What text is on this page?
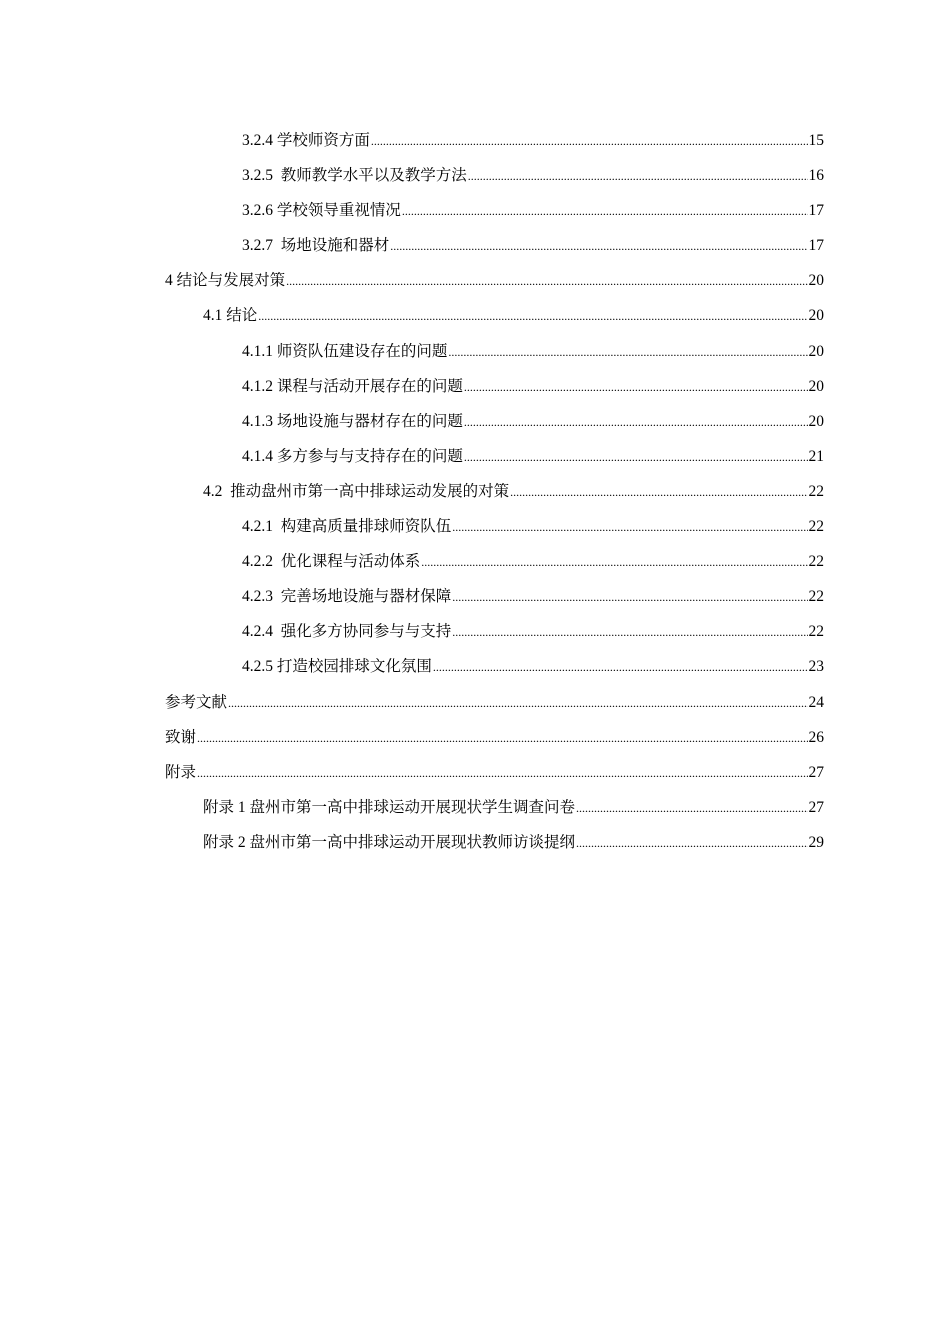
3.2.4 学校师资方面 .....	15
3.2.5  教师教学水平以及教学方法 .....	16
3.2.6 学校领导重视情况 .....	17
3.2.7  场地设施和器材 .....	17
4 结论与发展对策 .....	20
4.1 结论 .....	20
4.1.1 师资队伍建设存在的问题 .....	20
4.1.2 课程与活动开展存在的问题 .....	20
4.1.3 场地设施与器材存在的问题 .....	20
4.1.4 多方参与与支持存在的问题 .....	21
4.2  推动盘州市第一高中排球运动发展的对策 .....	22
4.2.1  构建高质量排球师资队伍 .....	22
4.2.2  优化课程与活动体系 .....	22
4.2.3  完善场地设施与器材保障 .....	22
4.2.4  强化多方协同参与与支持 .....	22
4.2.5 打造校园排球文化氛围 .....	23
参考文献 .....	24
致谢 .....	26
附录 .....	27
附录 1 盘州市第一高中排球运动开展现状学生调查问卷 .....	27
附录 2 盘州市第一高中排球运动开展现状教师访谈提纲 .....	29
